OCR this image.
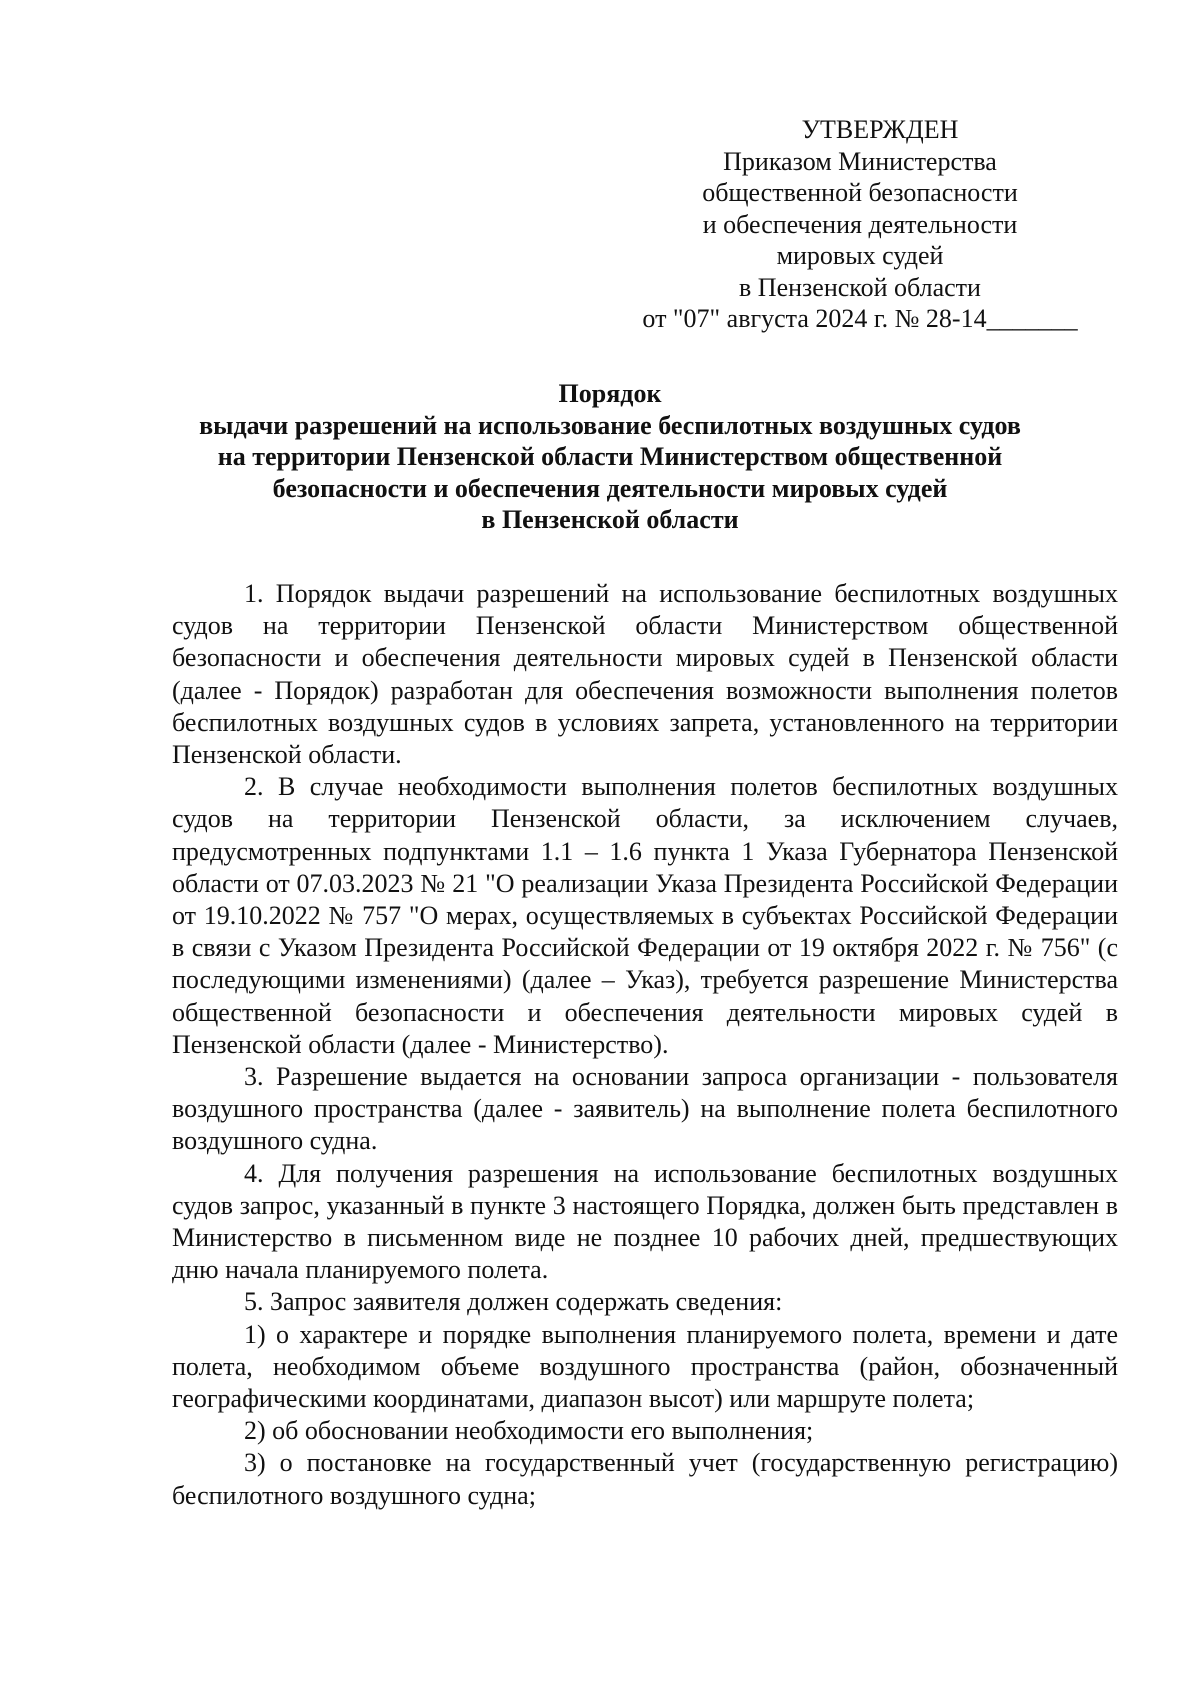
УТВЕРЖДЕН
Приказом Министерства
общественной безопасности
и обеспечения деятельности
мировых судей
в Пензенской области
от "07" августа 2024 г. № 28-14_______
Порядок
выдачи разрешений на использование беспилотных воздушных судов
на территории Пензенской области Министерством общественной
безопасности и обеспечения деятельности мировых судей
в Пензенской области

1. Порядок выдачи разрешений на использование беспилотных воздушных судов на территории Пензенской области Министерством общественной безопасности и обеспечения деятельности мировых судей в Пензенской области (далее - Порядок) разработан для обеспечения возможности выполнения полетов беспилотных воздушных судов в условиях запрета, установленного на территории Пензенской области.

2. В случае необходимости выполнения полетов беспилотных воздушных судов на территории Пензенской области, за исключением случаев, предусмотренных подпунктами 1.1 – 1.6 пункта 1 Указа Губернатора Пензенской области от 07.03.2023 № 21 "О реализации Указа Президента Российской Федерации от 19.10.2022 № 757 "О мерах, осуществляемых в субъектах Российской Федерации в связи с Указом Президента Российской Федерации от 19 октября 2022 г. № 756" (с последующими изменениями) (далее – Указ), требуется разрешение Министерства общественной безопасности и обеспечения деятельности мировых судей в Пензенской области (далее - Министерство).

3. Разрешение выдается на основании запроса организации - пользователя воздушного пространства (далее - заявитель) на выполнение полета беспилотного воздушного судна.

4. Для получения разрешения на использование беспилотных воздушных судов запрос, указанный в пункте 3 настоящего Порядка, должен быть представлен в Министерство в письменном виде не позднее 10 рабочих дней, предшествующих дню начала планируемого полета.

5. Запрос заявителя должен содержать сведения:

1) о характере и порядке выполнения планируемого полета, времени и дате полета, необходимом объеме воздушного пространства (район, обозначенный географическими координатами, диапазон высот) или маршруте полета;

2) об обосновании необходимости его выполнения;

3) о постановке на государственный учет (государственную регистрацию) беспилотного воздушного судна;
